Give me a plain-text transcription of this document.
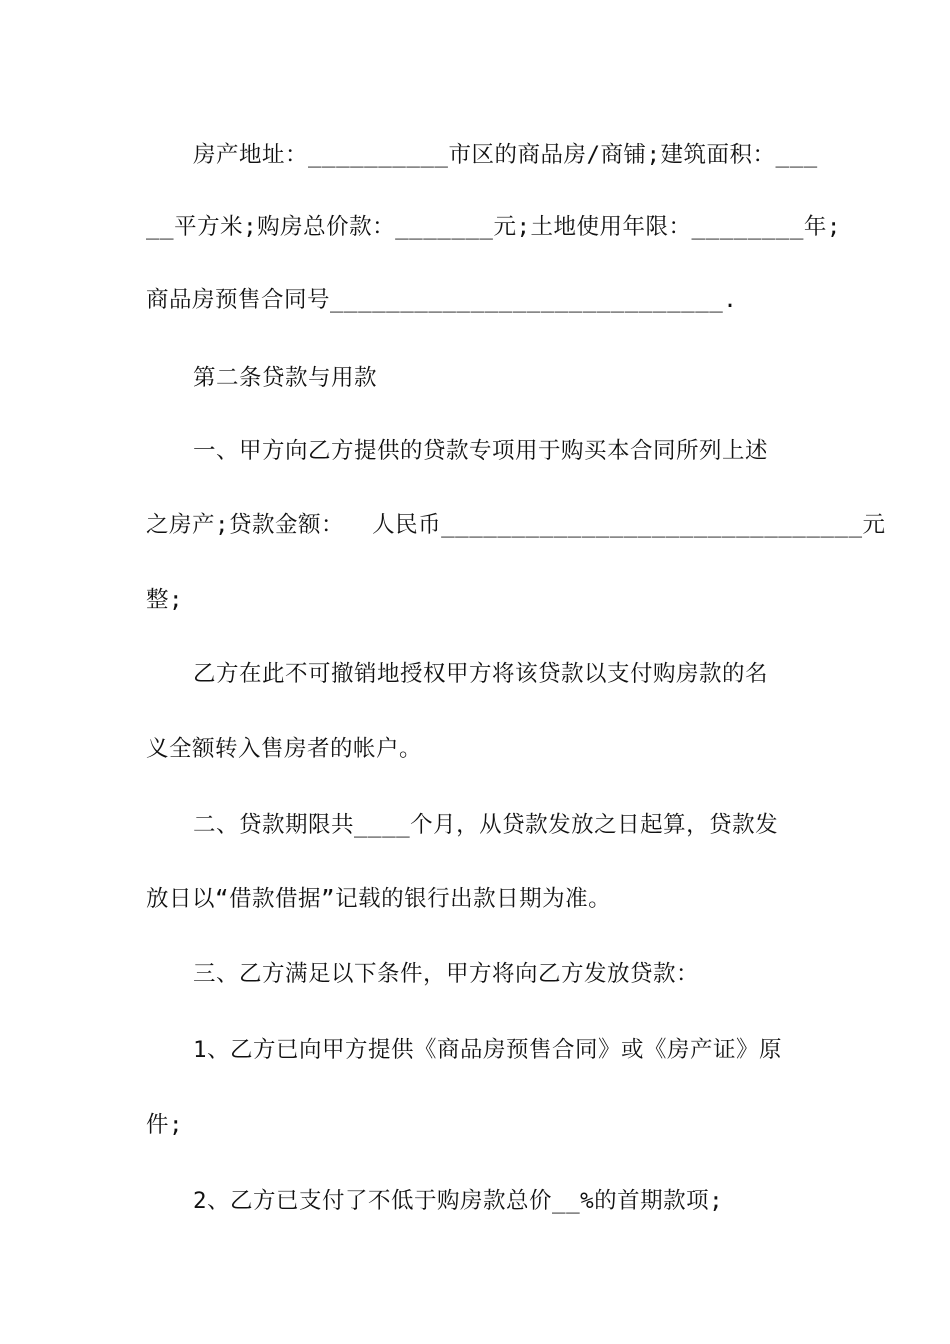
房产地址：__________市区的商品房/商铺;建筑面积：___
__平方米;购房总价款：_______元;土地使用年限：________年;
商品房预售合同号____________________________.
第二条贷款与用款
一、甲方向乙方提供的贷款专项用于购买本合同所列上述
之房产;贷款金额：  人民币______________________________元
整;
乙方在此不可撤销地授权甲方将该贷款以支付购房款的名
义全额转入售房者的帐户。
二、贷款期限共____个月，从贷款发放之日起算，贷款发
放日以“借款借据”记载的银行出款日期为准。
三、乙方满足以下条件，甲方将向乙方发放贷款：
1、乙方已向甲方提供《商品房预售合同》或《房产证》原
件;
2、乙方已支付了不低于购房款总价__%的首期款项;
